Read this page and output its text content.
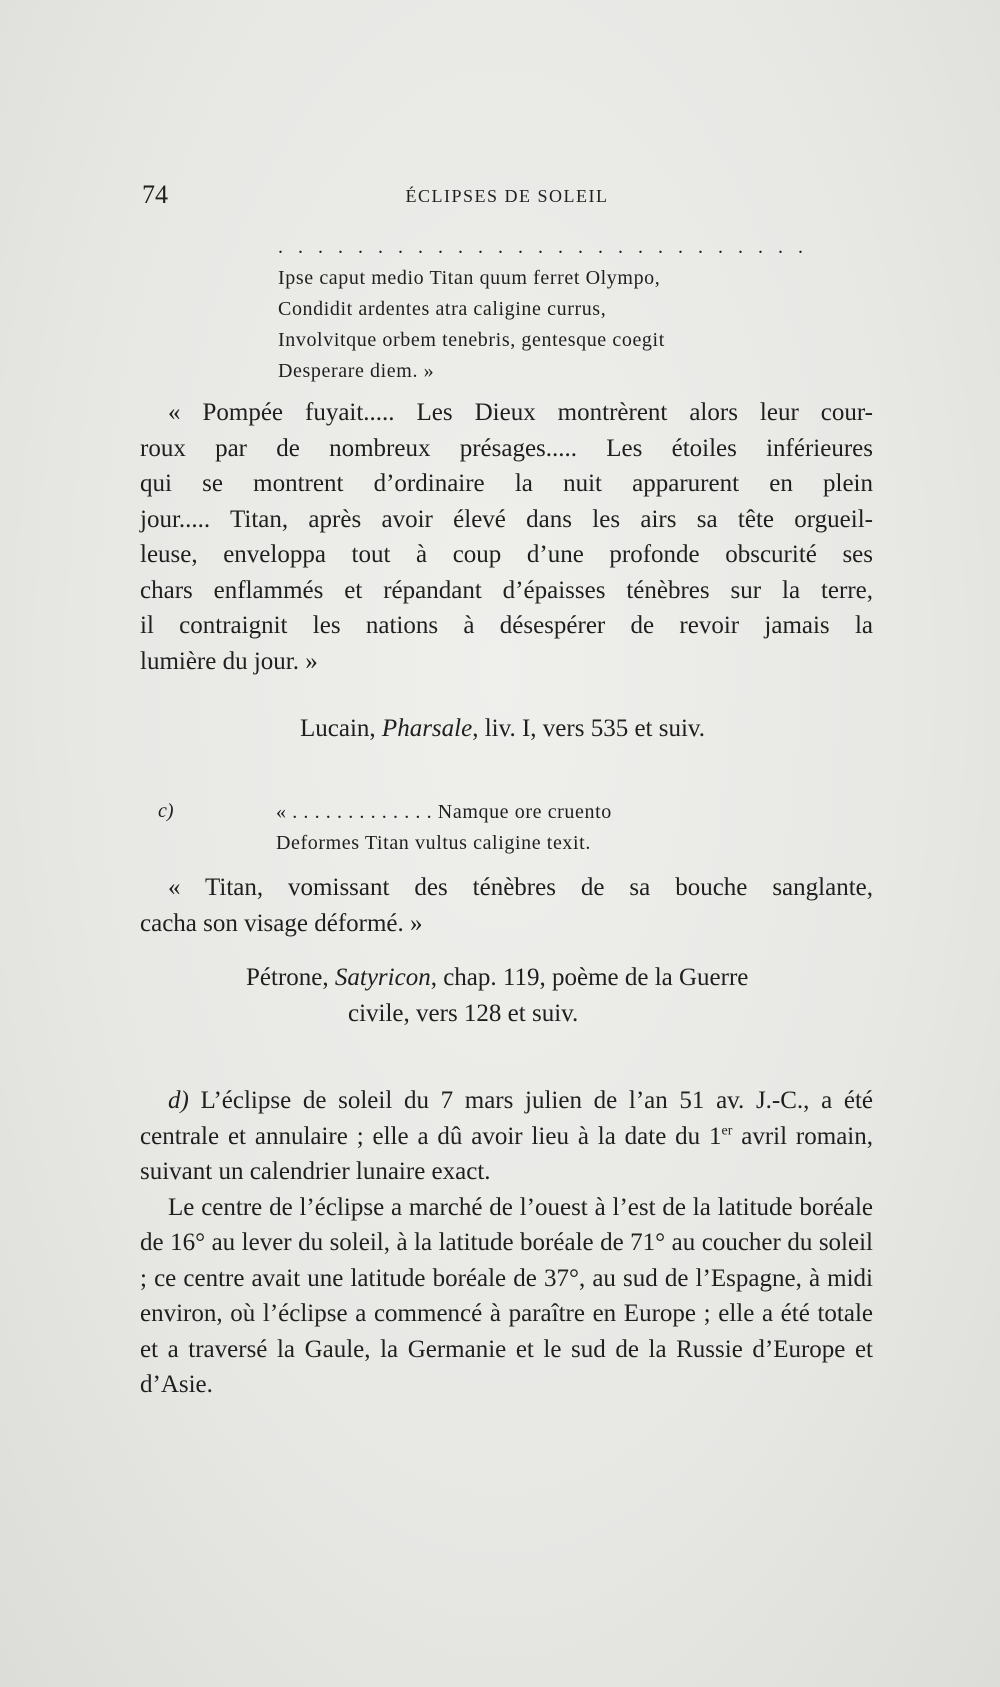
74	ÉCLIPSES DE SOLEIL
. . . . . . . . . . . . . . . . . . . . . . . . . . .
Ipse caput medio Titan quum ferret Olympo,
Condidit ardentes atra caligine currus,
Involvitque orbem tenebris, gentesque coegit
Desperare diem. »
« Pompée fuyait..... Les Dieux montrèrent alors leur cour-
roux par de nombreux présages..... Les étoiles inférieures
qui se montrent d’ordinaire la nuit apparurent en plein
jour..... Titan, après avoir élevé dans les airs sa tête orgueil-
leuse, enveloppa tout à coup d’une profonde obscurité ses
chars enflammés et répandant d’épaisses ténèbres sur la terre,
il contraignit les nations à désespérer de revoir jamais la
lumière du jour. »
Lucain, Pharsale, liv. I, vers 535 et suiv.
c)	« . . . . . . . . . . . . . Namque ore cruento
Deformes Titan vultus caligine texit.
« Titan, vomissant des ténèbres de sa bouche sanglante,
cacha son visage déformé. »
Pétrone, Satyricon, chap. 119, poème de la Guerre
civile, vers 128 et suiv.

d) L’éclipse de soleil du 7 mars julien de l’an 51 av. J.-C., a été centrale et annulaire ; elle a dû avoir lieu à la date du 1er avril romain, suivant un calendrier lunaire exact.

Le centre de l’éclipse a marché de l’ouest à l’est de la latitude boréale de 16° au lever du soleil, à la latitude boréale de 71° au coucher du soleil ; ce centre avait une latitude boréale de 37°, au sud de l’Espagne, à midi environ, où l’éclipse a commencé à paraître en Europe ; elle a été totale et a traversé la Gaule, la Germanie et le sud de la Russie d’Europe et d’Asie.
